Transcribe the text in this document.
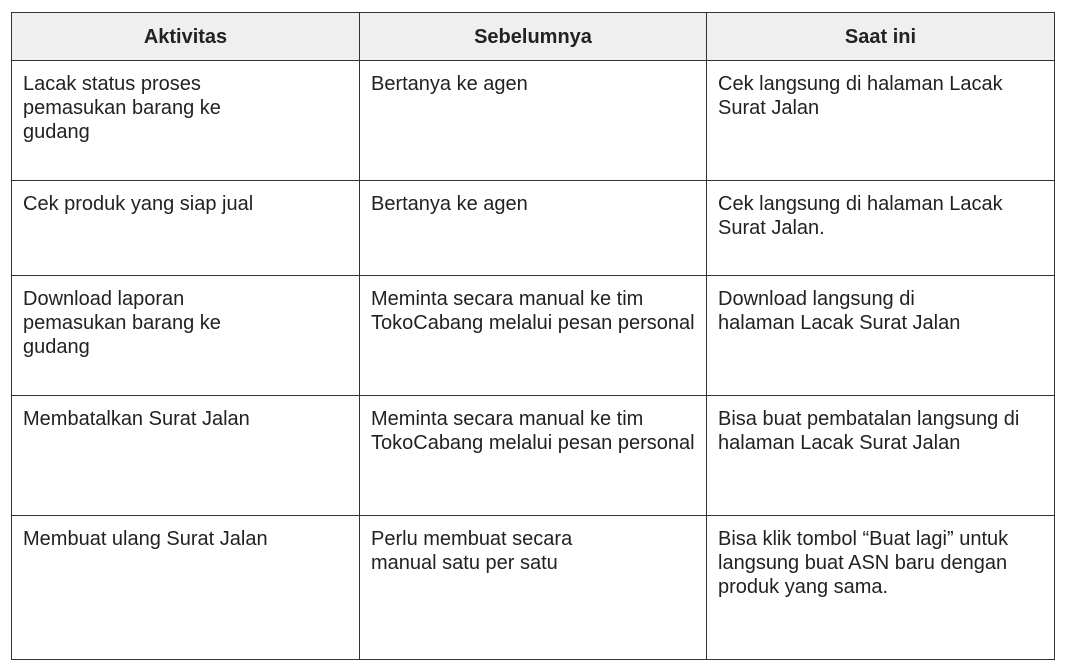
Aktivitas	Sebelumnya	Saat ini

Lacak status proses pemasukan barang ke gudang	Bertanya ke agen	Cek langsung di halaman Lacak Surat Jalan
Cek produk yang siap jual	Bertanya ke agen	Cek langsung di halaman Lacak Surat Jalan.

Download laporan pemasukan barang ke gudang	Meminta secara manual ke tim TokoCabang melalui pesan personal	Download langsung di halaman Lacak Surat Jalan

Membatalkan Surat Jalan	Meminta secara manual ke tim TokoCabang melalui pesan personal	Bisa buat pembatalan langsung di halaman Lacak Surat Jalan
Membuat ulang Surat Jalan	Perlu membuat secara manual satu per satu	Bisa klik tombol “Buat lagi” untuk langsung buat ASN baru dengan produk yang sama.
